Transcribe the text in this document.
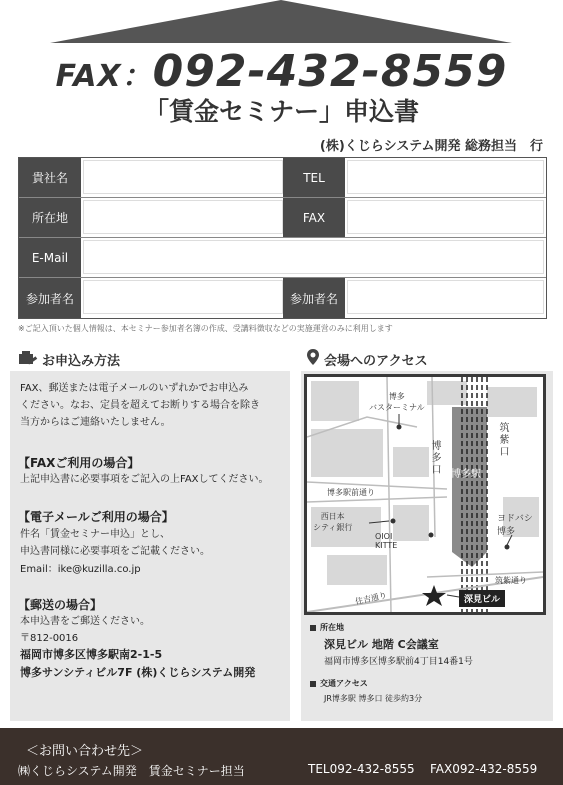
FAX：092-432-8559
「賃金セミナー」申込書
(株)くじらシステム開発 総務担当　行
貴社名	TEL
所在地	FAX
E-Mail
参加者名	参加者名
※ご記入頂いた個人情報は、本セミナー参加者名簿の作成、受講料徴収などの実施運営のみに利用します
お申込み方法
FAX、郵送または電子メールのいずれかでお申込み
ください。なお、定員を超えてお断りする場合を除き
当方からはご連絡いたしません。
【FAXご利用の場合】
上記申込書に必要事項をご記入の上FAXしてください。
【電子メールご利用の場合】
件名「賃金セミナー申込」とし、
申込書同様に必要事項をご記載ください。
Email：ike@kuzilla.co.jp
【郵送の場合】
本申込書をご郵送ください。
〒812-0016
福岡市博多区博多駅南2-1-5
博多サンシティビル7F (株)くじらシステム開発
会場へのアクセス
博多
バスターミナル
博多口
筑紫口
博多駅
博多駅前通り
西日本
シティ銀行
OIOI
KITTE
ヨドバシ
博多
筑紫通り
住吉通り	深見ビル
所在地
深見ビル 地階 C会議室
福岡市博多区博多駅前4丁目14番1号
交通アクセス
JR博多駅 博多口 徒歩約3分
＜お問い合わせ先＞
㈱くじらシステム開発　賃金セミナー担当	TEL092-432-8555 FAX092-432-8559
